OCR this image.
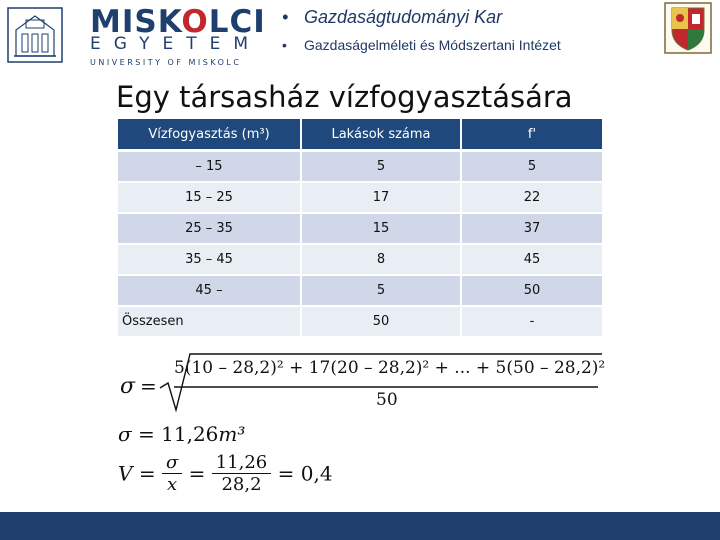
MISKOLCI
EGYETEM
UNIVERSITY OF MISKOLC
• Gazdaságtudományi Kar
• Gazdaságelméleti és Módszertani Intézet
Egy társasház vízfogyasztására
Vízfogyasztás (m³)	Lakások száma	f'
– 15	5	5
15 – 25	17	22
25 – 35	15	37
35 – 45	8	45
45 –	5	50
Összesen	50	-
σ =
5(10 – 28,2)² + 17(20 – 28,2)² + ... + 5(50 – 28,2)²
50
σ = 11,26m³
$V = \frac{\sigma}{x} = \frac{11,26}{28,2} = 0,4$
